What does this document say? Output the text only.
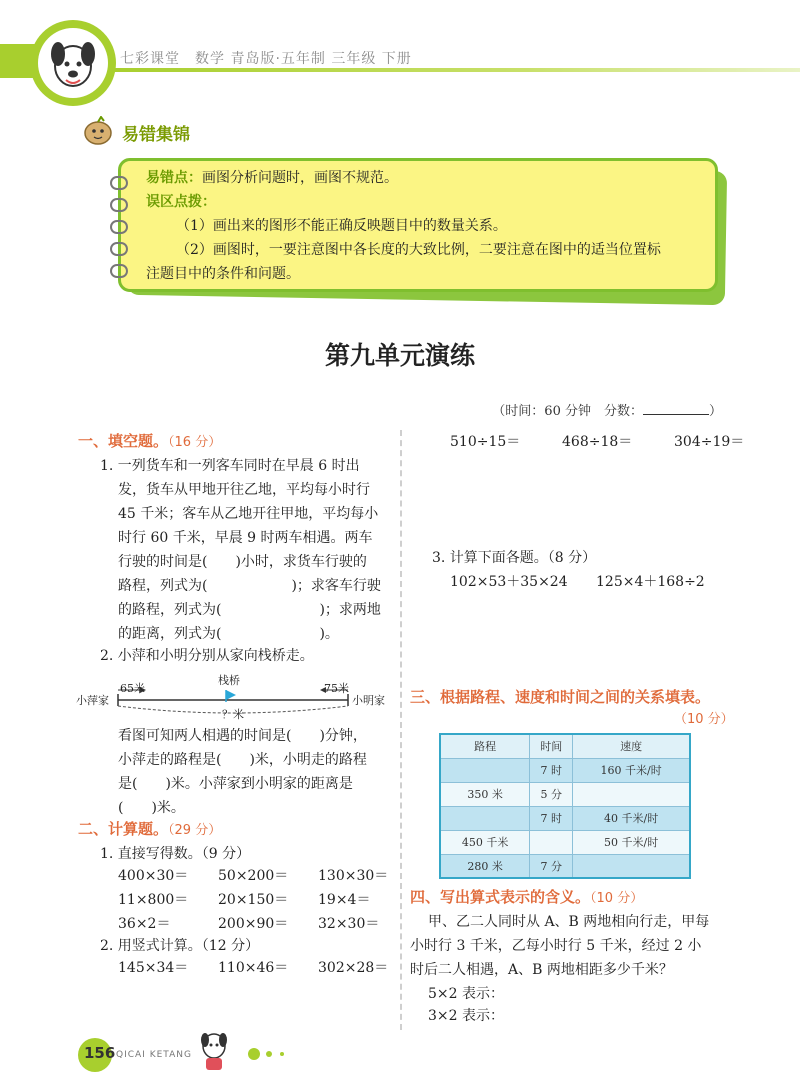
七彩课堂　数学 青岛版·五年制 三年级 下册
易错集锦
易错点：画图分析问题时，画图不规范。
误区点拨：
（1）画出来的图形不能正确反映题目中的数量关系。
（2）画图时，一要注意图中各长度的大致比例，二要注意在图中的适当位置标
注题目中的条件和问题。
第九单元演练
（时间：60 分钟　分数：	）
一、填空题。（16 分）
1. 一列货车和一列客车同时在早晨 6 时出
发，货车从甲地开往乙地，平均每小时行
45 千米；客车从乙地开往甲地，平均每小
时行 60 千米，早晨 9 时两车相遇。两车
行驶的时间是(　　)小时，求货车行驶的
路程，列式为(　　　　　　)；求客车行驶
的路程，列式为(　　　　　　　)；求两地
的距离，列式为(　　　　　　　)。
2. 小萍和小明分别从家向栈桥走。
小萍家	小明家
栈桥
65米	75米
？米
看图可知两人相遇的时间是(　　)分钟，
小萍走的路程是(　　)米，小明走的路程
是(　　)米。小萍家到小明家的距离是
(　　)米。
二、计算题。（29 分）
1. 直接写得数。（9 分）
400×30＝	50×200＝	130×30＝
11×800＝	20×150＝	19×4＝
36×2＝	200×90＝	32×30＝
2. 用竖式计算。（12 分）
145×34＝	110×46＝	302×28＝
510÷15＝	468÷18＝	304÷19＝
3. 计算下面各题。（8 分）
102×53＋35×24	125×4＋168÷2
三、根据路程、速度和时间之间的关系填表。
（10 分）
路程	时间	速度
	7 时	160 千米/时
350 米	5 分	
	7 时	40 千米/时
450 千米		50 千米/时
280 米	7 分	
四、写出算式表示的含义。（10 分）
甲、乙二人同时从 A、B 两地相向行走，甲每
小时行 3 千米，乙每小时行 5 千米，经过 2 小
时后二人相遇，A、B 两地相距多少千米？
5×2 表示：
3×2 表示：
156 QICAI KETANG
